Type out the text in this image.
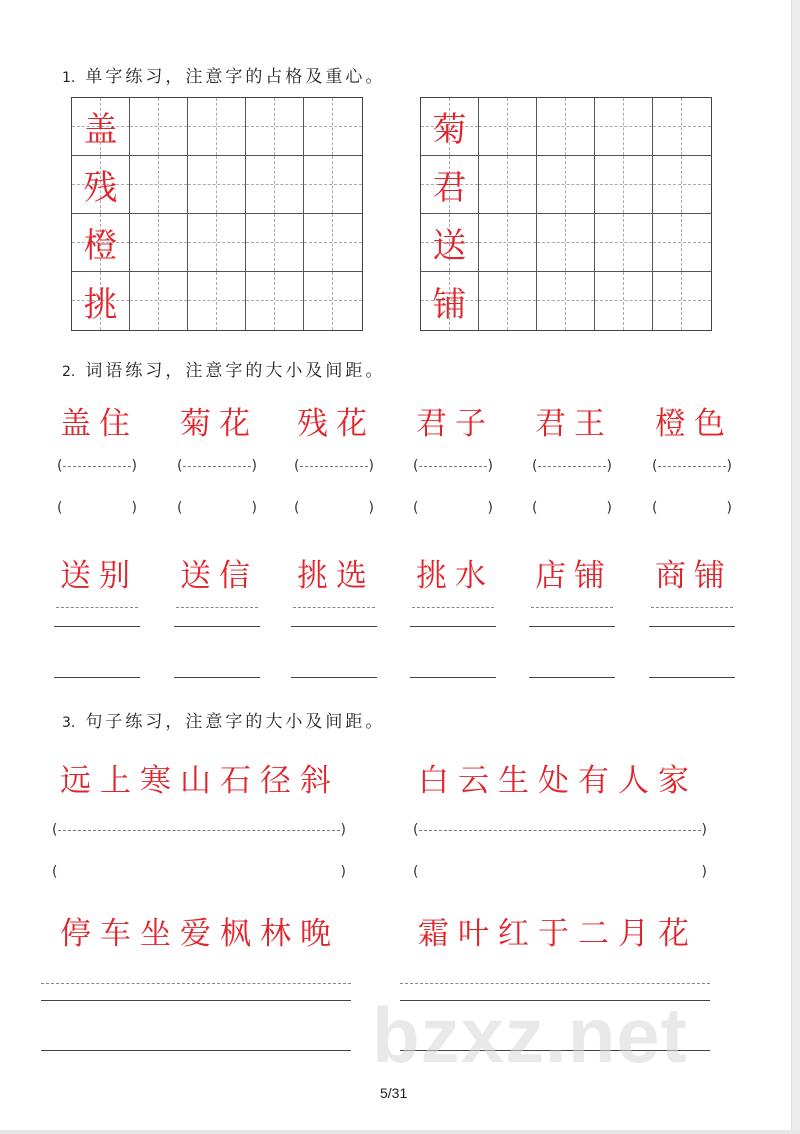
1. 单字练习，注意字的占格及重心。
盖
残
橙
挑
菊
君
送
铺
2. 词语练习，注意字的大小及间距。
盖住
(	)
(	)
送别
菊花
(	)
(	)
送信
残花
(	)
(	)
挑选
君子
(	)
(	)
挑水
君王
(	)
(	)
店铺
橙色
(	)
(	)
商铺
3. 句子练习，注意字的大小及间距。
远上寒山石径斜	白云生处有人家
(	)
(	)
(	)
(	)
停车坐爱枫林晚	霜叶红于二月花
bzxz.net
5/31
